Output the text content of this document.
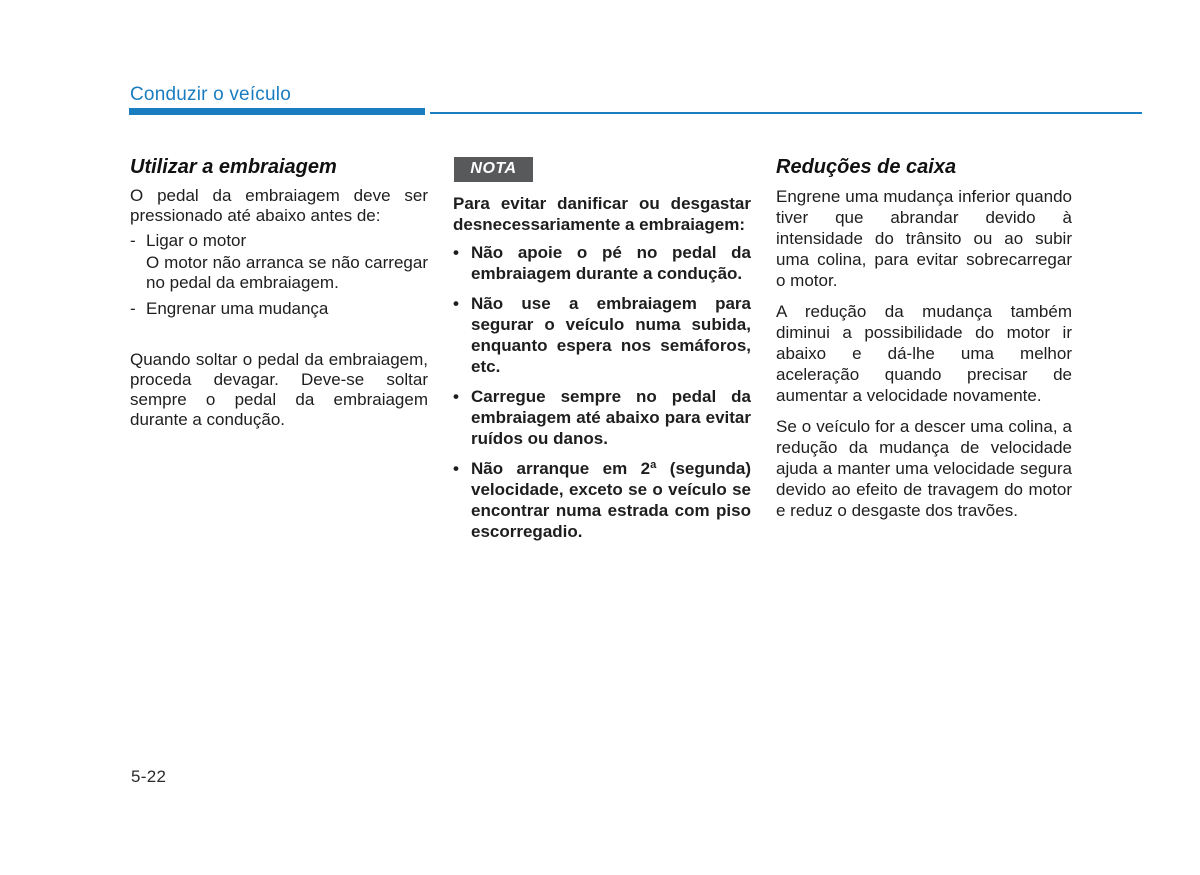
Conduzir o veículo
Utilizar a embraiagem

O pedal da embraiagem deve ser pressionado até abaixo antes de:

- Ligar o motor

O motor não arranca se não carregar no pedal da embraiagem.

- Engrenar uma mudança

Quando soltar o pedal da embraiagem, proceda devagar. Deve-se soltar sempre o pedal da embraiagem durante a condução.

NOTA

Para evitar danificar ou desgastar desnecessariamente a embraiagem:

• Não apoie o pé no pedal da embraiagem durante a condução.

• Não use a embraiagem para segurar o veículo numa subida, enquanto espera nos semáforos, etc.

• Carregue sempre no pedal da embraiagem até abaixo para evitar ruídos ou danos.

• Não arranque em 2ª (segunda) velocidade, exceto se o veículo se encontrar numa estrada com piso escorregadio.

Reduções de caixa

Engrene uma mudança inferior quando tiver que abrandar devido à intensidade do trânsito ou ao subir uma colina, para evitar sobrecarregar o motor.

A redução da mudança também diminui a possibilidade do motor ir abaixo e dá-lhe uma melhor aceleração quando precisar de aumentar a velocidade novamente.

Se o veículo for a descer uma colina, a redução da mudança de velocidade ajuda a manter uma velocidade segura devido ao efeito de travagem do motor e reduz o desgaste dos travões.

5-22
